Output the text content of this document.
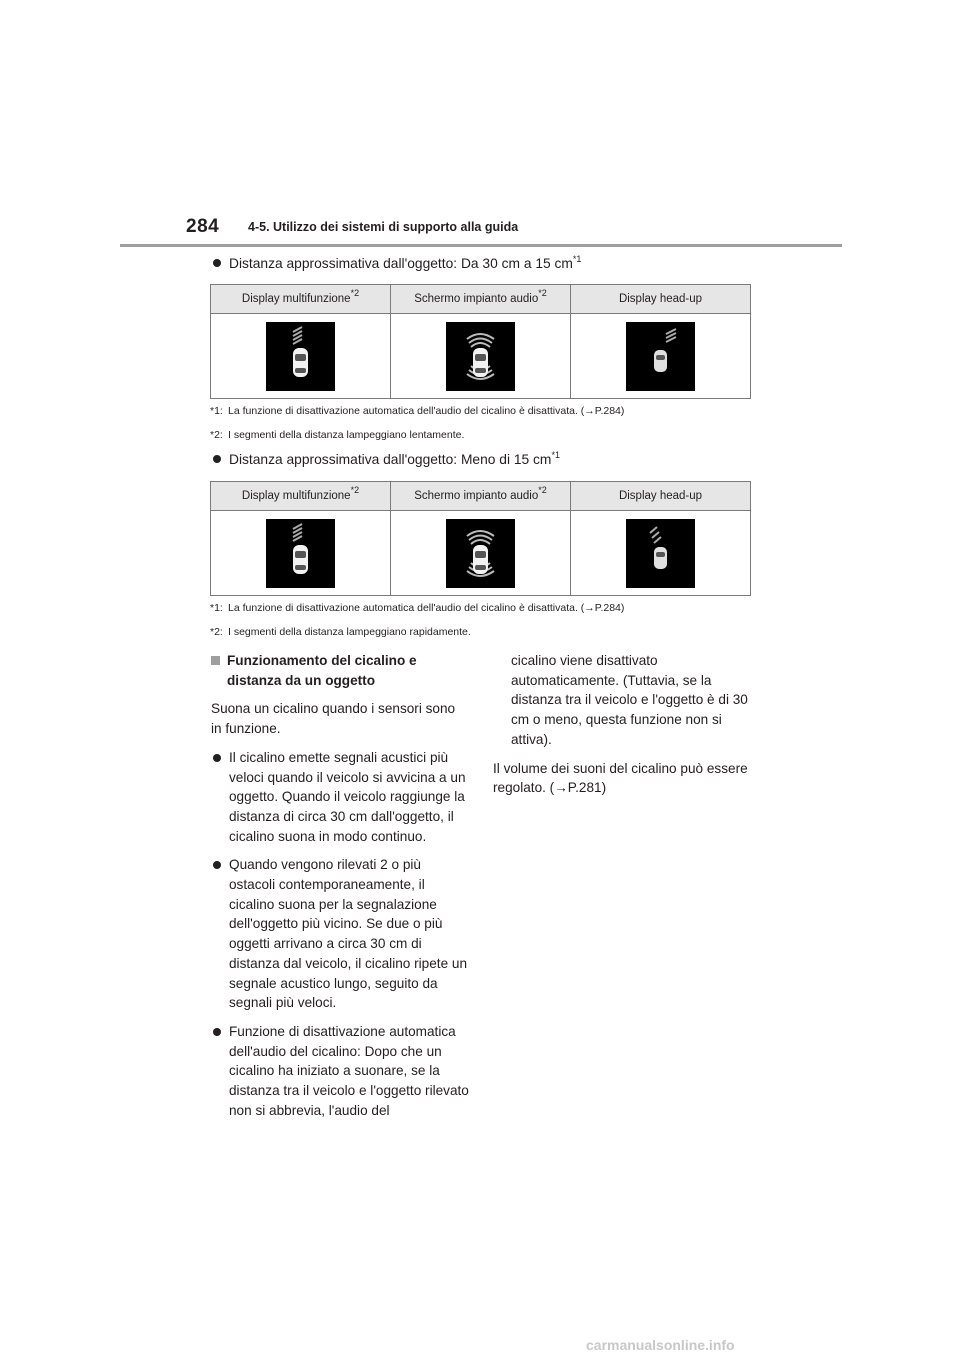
284 4-5. Utilizzo dei sistemi di supporto alla guida
Distanza approssimativa dall'oggetto: Da 30 cm a 15 $cm^{*1}$
Display multifunzione$^{*2}$	Schermo impianto audio$^{*2}$	Display head-up

*1: La funzione di disattivazione automatica dell'audio del cicalino è disattivata. (→P.284)
*2: I segmenti della distanza lampeggiano lentamente.
Distanza approssimativa dall'oggetto: Meno di 15 $cm^{*1}$
Display multifunzione$^{*2}$	Schermo impianto audio$^{*2}$	Display head-up

*1: La funzione di disattivazione automatica dell'audio del cicalino è disattivata. (→P.284)
*2: I segmenti della distanza lampeggiano rapidamente.
Funzionamento del cicalino e distanza da un oggetto
Suona un cicalino quando i sensori sono in funzione.
Il cicalino emette segnali acustici più veloci quando il veicolo si avvicina a un oggetto. Quando il veicolo raggiunge la distanza di circa 30 cm dall'oggetto, il cicalino suona in modo continuo.
Quando vengono rilevati 2 o più ostacoli contemporaneamente, il cicalino suona per la segnalazione dell'oggetto più vicino. Se due o più oggetti arrivano a circa 30 cm di distanza dal veicolo, il cicalino ripete un segnale acustico lungo, seguito da segnali più veloci.
Funzione di disattivazione automatica dell'audio del cicalino: Dopo che un cicalino ha iniziato a suonare, se la distanza tra il veicolo e l'oggetto rilevato non si abbrevia, l'audio del
cicalino viene disattivato automaticamente. (Tuttavia, se la distanza tra il veicolo e l'oggetto è di 30 cm o meno, questa funzione non si attiva).
Il volume dei suoni del cicalino può essere regolato. (→P.281)
carmanualsonline.info
